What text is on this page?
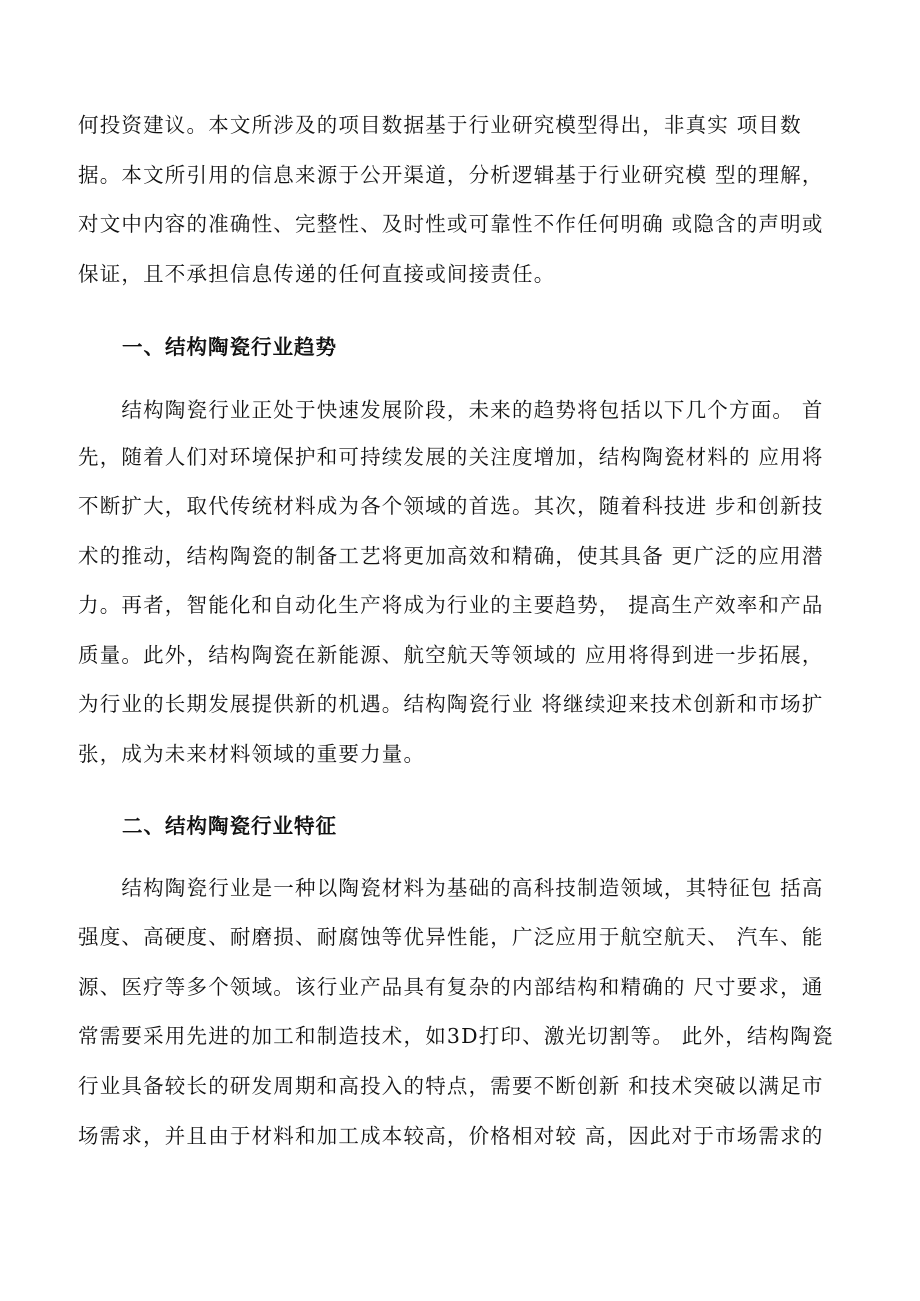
何投资建议。本文所涉及的项目数据基于行业研究模型得出，非真实 项目数
据。本文所引用的信息来源于公开渠道，分析逻辑基于行业研究模 型的理解，
对文中内容的准确性、完整性、及时性或可靠性不作任何明确 或隐含的声明或
保证，且不承担信息传递的任何直接或间接责任。
一、结构陶瓷行业趋势
　　结构陶瓷行业正处于快速发展阶段，未来的趋势将包括以下几个方面。 首
先，随着人们对环境保护和可持续发展的关注度增加，结构陶瓷材料的 应用将
不断扩大，取代传统材料成为各个领域的首选。其次，随着科技进 步和创新技
术的推动，结构陶瓷的制备工艺将更加高效和精确，使其具备 更广泛的应用潜
力。再者，智能化和自动化生产将成为行业的主要趋势， 提高生产效率和产品
质量。此外，结构陶瓷在新能源、航空航天等领域的 应用将得到进一步拓展，
为行业的长期发展提供新的机遇。结构陶瓷行业 将继续迎来技术创新和市场扩
张，成为未来材料领域的重要力量。
二、结构陶瓷行业特征
　　结构陶瓷行业是一种以陶瓷材料为基础的高科技制造领域，其特征包 括高
强度、高硬度、耐磨损、耐腐蚀等优异性能，广泛应用于航空航天、 汽车、能
源、医疗等多个领域。该行业产品具有复杂的内部结构和精确的 尺寸要求，通
常需要采用先进的加工和制造技术，如3D打印、激光切割等。 此外，结构陶瓷
行业具备较长的研发周期和高投入的特点，需要不断创新 和技术突破以满足市
场需求，并且由于材料和加工成本较高，价格相对较 高，因此对于市场需求的
